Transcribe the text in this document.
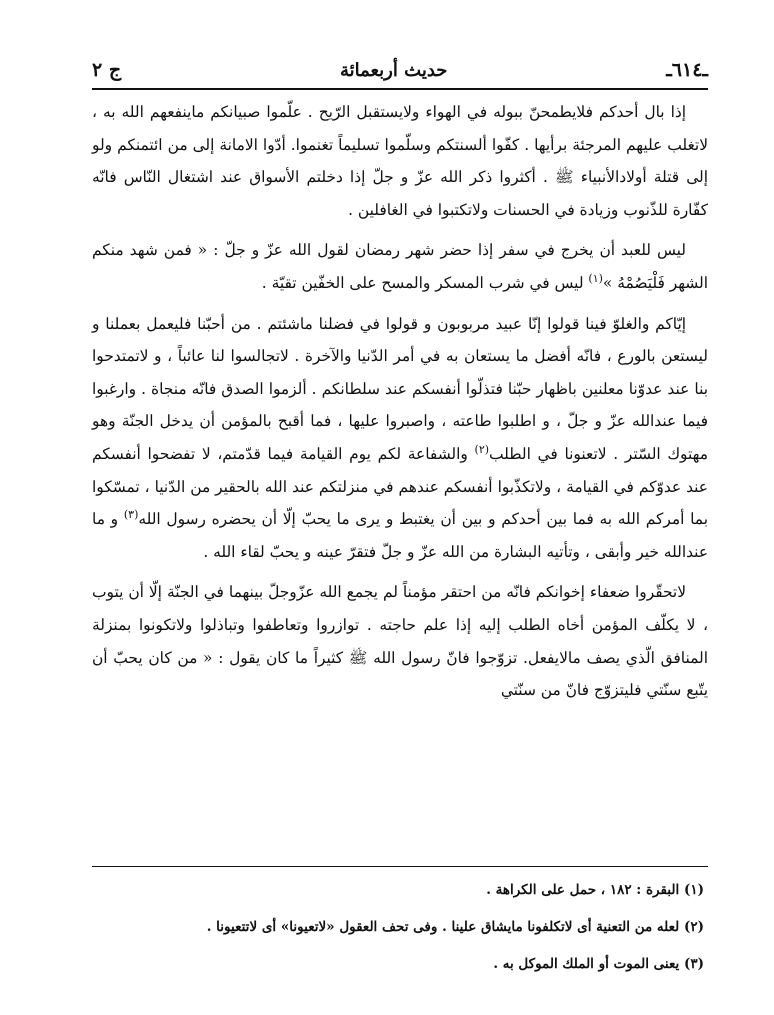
ـ٦١٤ـ
حديث أربعمائة
ج ٢

إذا بال أحدكم فلايطمحنّ ببوله في الهواء ولايستقبل الرّيح . علّموا صبيانكم ماينفعهم الله به ، لاتغلب عليهم المرجئة برأيها . كفّوا ألسنتكم وسلّموا تسليماً تغنموا. أدّوا الامانة إلى من ائتمنكم ولو إلى قتلة أولادالأنبياء ﷺ . أكثروا ذكر الله عزّ و جلّ إذا دخلتم الأسواق عند اشتغال النّاس فانّه كفّارة للذّنوب وزيادة في الحسنات ولاتكتبوا في الغافلين .

ليس للعبد أن يخرج في سفر إذا حضر شهر رمضان لقول الله عزّ و جلّ : « فمن شهد منكم الشهر فَلْيَصُمْهُ »$^{(١)}$ ليس في شرب المسكر والمسح على الخفّين تقيّة .

إيّاكم والغلوّ فينا قولوا إنّا عبيد مربوبون و قولوا في فضلنا ماشئتم . من أحبّنا فليعمل بعملنا و ليستعن بالورع ، فانّه أفضل ما يستعان به في أمر الدّنيا والآخرة . لاتجالسوا لنا عائباً ، و لاتمتدحوا بنا عند عدوّنا معلنين باظهار حبّنا فتذلّوا أنفسكم عند سلطانكم . ألزموا الصدق فانّه منجاة . وارغبوا فيما عندالله عزّ و جلّ ، و اطلبوا طاعته ، واصبروا عليها ، فما أقبح بالمؤمن أن يدخل الجنّة وهو مهتوك السّتر . لاتعنونا في الطلب$^{(٢)}$ والشفاعة لكم يوم القيامة فيما قدّمتم، لا تفضحوا أنفسكم عند عدوّكم في القيامة ، ولاتكذّبوا أنفسكم عندهم في منزلتكم عند الله بالحقير من الدّنيا ، تمسّكوا بما أمركم الله به فما بين أحدكم و بين أن يغتبط و يرى ما يحبّ إلّا أن يحضره رسول الله$^{(٣)}$ و ما عندالله خير وأبقى ، وتأتيه البشارة من الله عزّ و جلّ فتقرّ عينه و يحبّ لقاء الله .

لاتحقّروا ضعفاء إخوانكم فانّه من احتقر مؤمناً لم يجمع الله عزّوجلّ بينهما في الجنّة إلّا أن يتوب ، لا يكلّف المؤمن أخاه الطلب إليه إذا علم حاجته . توازروا وتعاطفوا وتباذلوا ولاتكونوا بمنزلة المنافق الّذي يصف مالايفعل. تزوّجوا فانّ رسول الله ﷺ كثيراً ما كان يقول : « من كان يحبّ أن يتّبع سنّتي فليتزوّج فانّ من سنّتي

(١) البقرة : ١٨٢ ، حمل على الكراهة .
(٢) لعله من التعنية أى لاتكلفونا مايشاق علينا . وفى تحف العقول «لاتعيونا» أى لاتتعيونا .
(٣) يعنى الموت أو الملك الموكل به .
